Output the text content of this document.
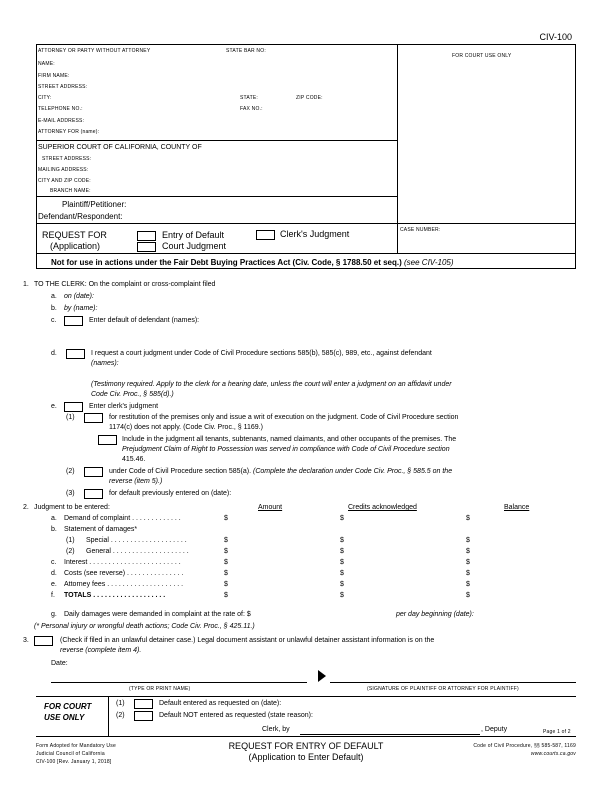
CIV-100
ATTORNEY OR PARTY WITHOUT ATTORNEY	STATE BAR NO:
FOR COURT USE ONLY
NAME:
FIRM NAME:
STREET ADDRESS:
CITY:	STATE:	ZIP CODE:
TELEPHONE NO.:	FAX NO.:
E-MAIL ADDRESS:
ATTORNEY FOR (name):
SUPERIOR COURT OF CALIFORNIA, COUNTY OF
STREET ADDRESS:
MAILING ADDRESS:
CITY AND ZIP CODE:
BRANCH NAME:
Plaintiff/Petitioner:
Defendant/Respondent:
REQUEST FOR
(Application)
Entry of Default	Clerk's Judgment
Court Judgment
CASE NUMBER:
Not for use in actions under the Fair Debt Buying Practices Act (Civ. Code, § 1788.50 et seq.) (see CIV-105)
1. TO THE CLERK: On the complaint or cross-complaint filed
a. on (date):
b. by (name):
c.	Enter default of defendant (names):
d.	I request a court judgment under Code of Civil Procedure sections 585(b), 585(c), 989, etc., against defendant
(names):
(Testimony required. Apply to the clerk for a hearing date, unless the court will enter a judgment on an affidavit under
Code Civ. Proc., § 585(d).)
e.	Enter clerk's judgment
(1)	for restitution of the premises only and issue a writ of execution on the judgment. Code of Civil Procedure section
1174(c) does not apply. (Code Civ. Proc., § 1169.)
Include in the judgment all tenants, subtenants, named claimants, and other occupants of the premises. The
Prejudgment Claim of Right to Possession was served in compliance with Code of Civil Procedure section
415.46.
(2)	under Code of Civil Procedure section 585(a). (Complete the declaration under Code Civ. Proc., § 585.5 on the
reverse (item 5).)
(3)	for default previously entered on (date):
2. Judgment to be entered:	Amount	Credits acknowledged	Balance
a. Demand of complaint . . . . . . . . . . . . .	$	$	$
b. Statement of damages*
(1) Special . . . . . . . . . . . . . . . . . . . .	$	$	$
(2) General . . . . . . . . . . . . . . . . . . . .	$	$	$
c. Interest . . . . . . . . . . . . . . . . . . . . . . . .	$	$	$
d. Costs (see reverse) . . . . . . . . . . . . . . .	$	$	$
e. Attorney fees . . . . . . . . . . . . . . . . . . . .	$	$	$
f. TOTALS . . . . . . . . . . . . . . . . . . .	$	$	$
g. Daily damages were demanded in complaint at the rate of: $	per day beginning (date):
(* Personal injury or wrongful death actions; Code Civ. Proc., § 425.11.)
3.	(Check if filed in an unlawful detainer case.) Legal document assistant or unlawful detainer assistant information is on the
reverse (complete item 4).
Date:
(TYPE OR PRINT NAME)	(SIGNATURE OF PLAINTIFF OR ATTORNEY FOR PLAINTIFF)
FOR COURT
USE ONLY
(1)	Default entered as requested on (date):
(2)	Default NOT entered as requested (state reason):
Clerk, by	, Deputy	Page 1 of 2
Form Adopted for Mandatory Use
Judicial Council of California
CIV-100 [Rev. January 1, 2018]
REQUEST FOR ENTRY OF DEFAULT
(Application to Enter Default)
Code of Civil Procedure, §§ 585-587, 1169
www.courts.ca.gov
